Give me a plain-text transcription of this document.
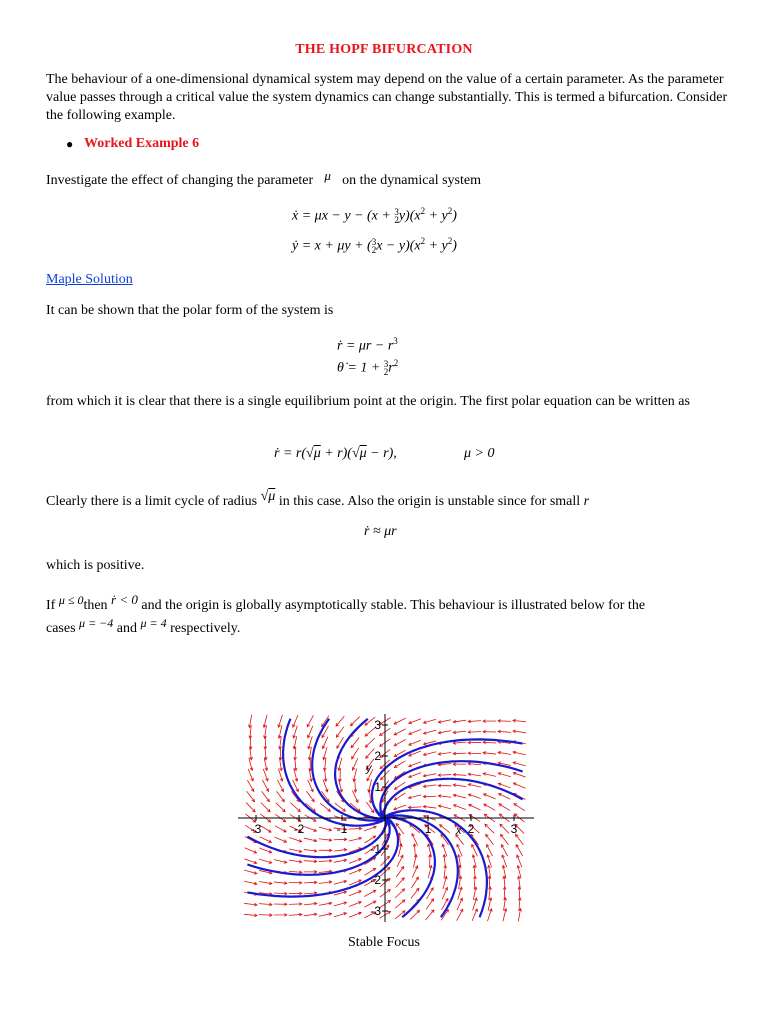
THE HOPF BIFURCATION
The behaviour of a one-dimensional dynamical system may depend on the value of a certain parameter. As the parameter value passes through a critical value the system dynamics can change substantially. This is termed a bifurcation. Consider the following example.
● Worked Example 6
Investigate the effect of changing the parameter μ on the dynamical system
ẋ = μx − y − (x + 3
$2y)(x^2 + y^2)$
ẏ = x + μy + (3
$2x - y)(x^2 + y^2)$
Maple Solution
It can be shown that the polar form of the system is
ṙ = $\mu r - r^3$
θ̇ = 1 + 3
$2r^2$
from which it is clear that there is a single equilibrium point at the origin. The first polar equation can be written as
ṙ = r(√μ + r)(√μ − r),	μ > 0
Clearly there is a limit cycle of radius √μ in this case. Also the origin is unstable since for small r
ṙ ≈ μr
which is positive.
If μ ≤ 0then ṙ < 0 and the origin is globally asymptotically stable. This behaviour is illustrated below for the
cases μ = −4 and μ = 4 respectively.
-3	-2	-1	1	2	3
3
2
1
-1
-2
-3
x
y
Stable Focus
